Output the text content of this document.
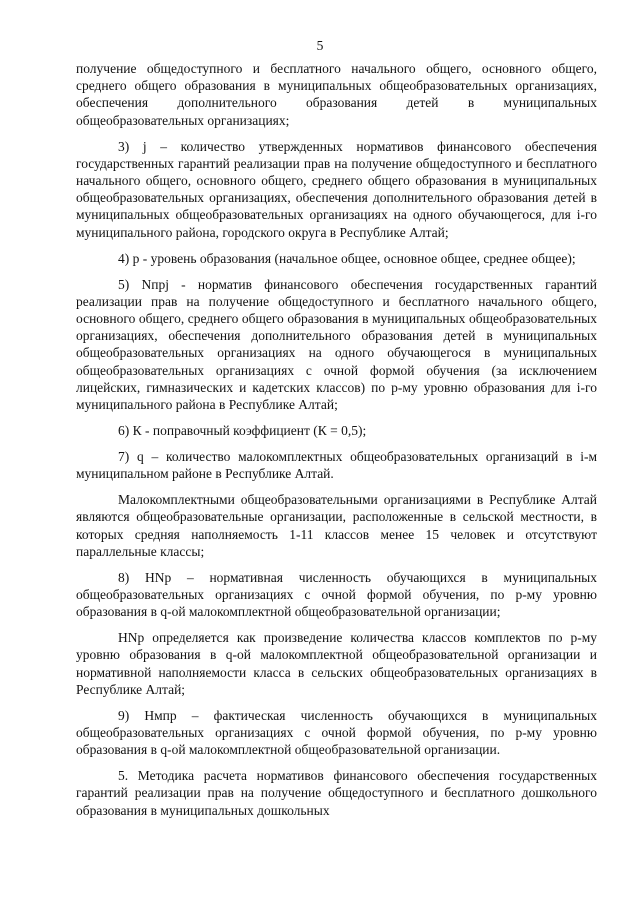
5

получение общедоступного и бесплатного начального общего, основного общего, среднего общего образования в муниципальных общеобразовательных организациях, обеспечения дополнительного образования детей в муниципальных общеобразовательных организациях;

3) j – количество утвержденных нормативов финансового обеспечения государственных гарантий реализации прав на получение общедоступного и бесплатного начального общего, основного общего, среднего общего образования в муниципальных общеобразовательных организациях, обеспечения дополнительного образования детей в муниципальных общеобразовательных организациях на одного обучающегося, для i-го муниципального района, городского округа в Республике Алтай;

4) р - уровень образования (начальное общее, основное общее, среднее общее);

5) Nпрj - норматив финансового обеспечения государственных гарантий реализации прав на получение общедоступного и бесплатного начального общего, основного общего, среднего общего образования в муниципальных общеобразовательных организациях, обеспечения дополнительного образования детей в муниципальных общеобразовательных организациях на одного обучающегося в муниципальных общеобразовательных организациях с очной формой обучения (за исключением лицейских, гимназических и кадетских классов) по р-му уровню образования для i-го муниципального района в Республике Алтай;

6) К - поправочный коэффициент (К = 0,5);

7) q – количество малокомплектных общеобразовательных организаций в i-м муниципальном районе в Республике Алтай.

Малокомплектными общеобразовательными организациями в Республике Алтай являются общеобразовательные организации, расположенные в сельской местности, в которых средняя наполняемость 1-11 классов менее 15 человек и отсутствуют параллельные классы;

8) HNр – нормативная численность обучающихся в муниципальных общеобразовательных организациях с очной формой обучения, по р-му уровню образования в q-ой малокомплектной общеобразовательной организации;

HNр определяется как произведение количества классов комплектов по р-му уровню образования в q-ой малокомплектной общеобразовательной организации и нормативной наполняемости класса в сельских общеобразовательных организациях в Республике Алтай;

9) Hмпр – фактическая численность обучающихся в муниципальных общеобразовательных организациях с очной формой обучения, по р-му уровню образования в q-ой малокомплектной общеобразовательной организации.

5. Методика расчета нормативов финансового обеспечения государственных гарантий реализации прав на получение общедоступного и бесплатного дошкольного образования в муниципальных дошкольных
